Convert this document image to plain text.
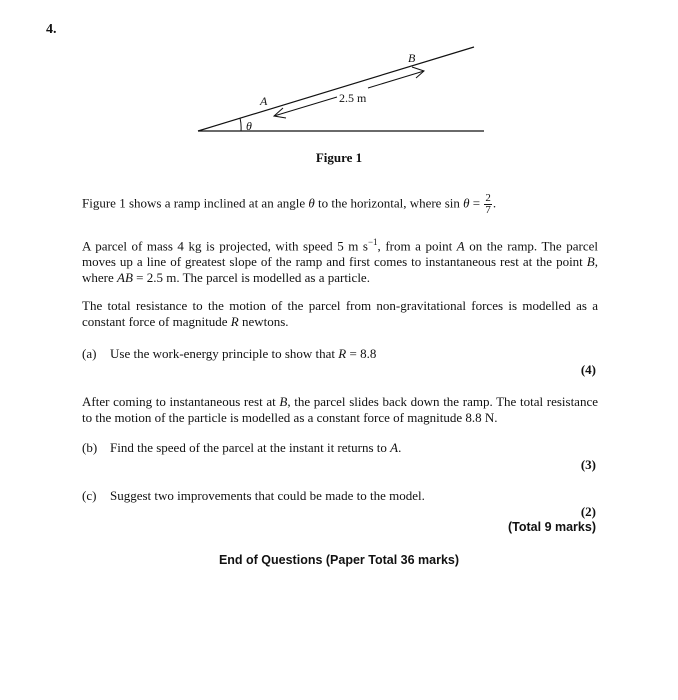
4.
θ
A
B
2.5 m
Figure 1
Figure 1 shows a ramp inclined at an angle θ to the horizontal, where $\sin \theta = \frac{2}{7}$ .
A parcel of mass 4 kg is projected, with speed 5 m $s^{-1}$, from a point A on the ramp. The parcel moves up a line of greatest slope of the ramp and first comes to instantaneous rest at the point B, where AB = 2.5 m. The parcel is modelled as a particle.
The total resistance to the motion of the parcel from non-gravitational forces is modelled as a constant force of magnitude R newtons.
(a) Use the work-energy principle to show that R = 8.8
(4)
After coming to instantaneous rest at B, the parcel slides back down the ramp. The total resistance to the motion of the particle is modelled as a constant force of magnitude 8.8 N.
(b) Find the speed of the parcel at the instant it returns to A.
(3)
(c) Suggest two improvements that could be made to the model.
(2)
(Total 9 marks)
End of Questions (Paper Total 36 marks)
